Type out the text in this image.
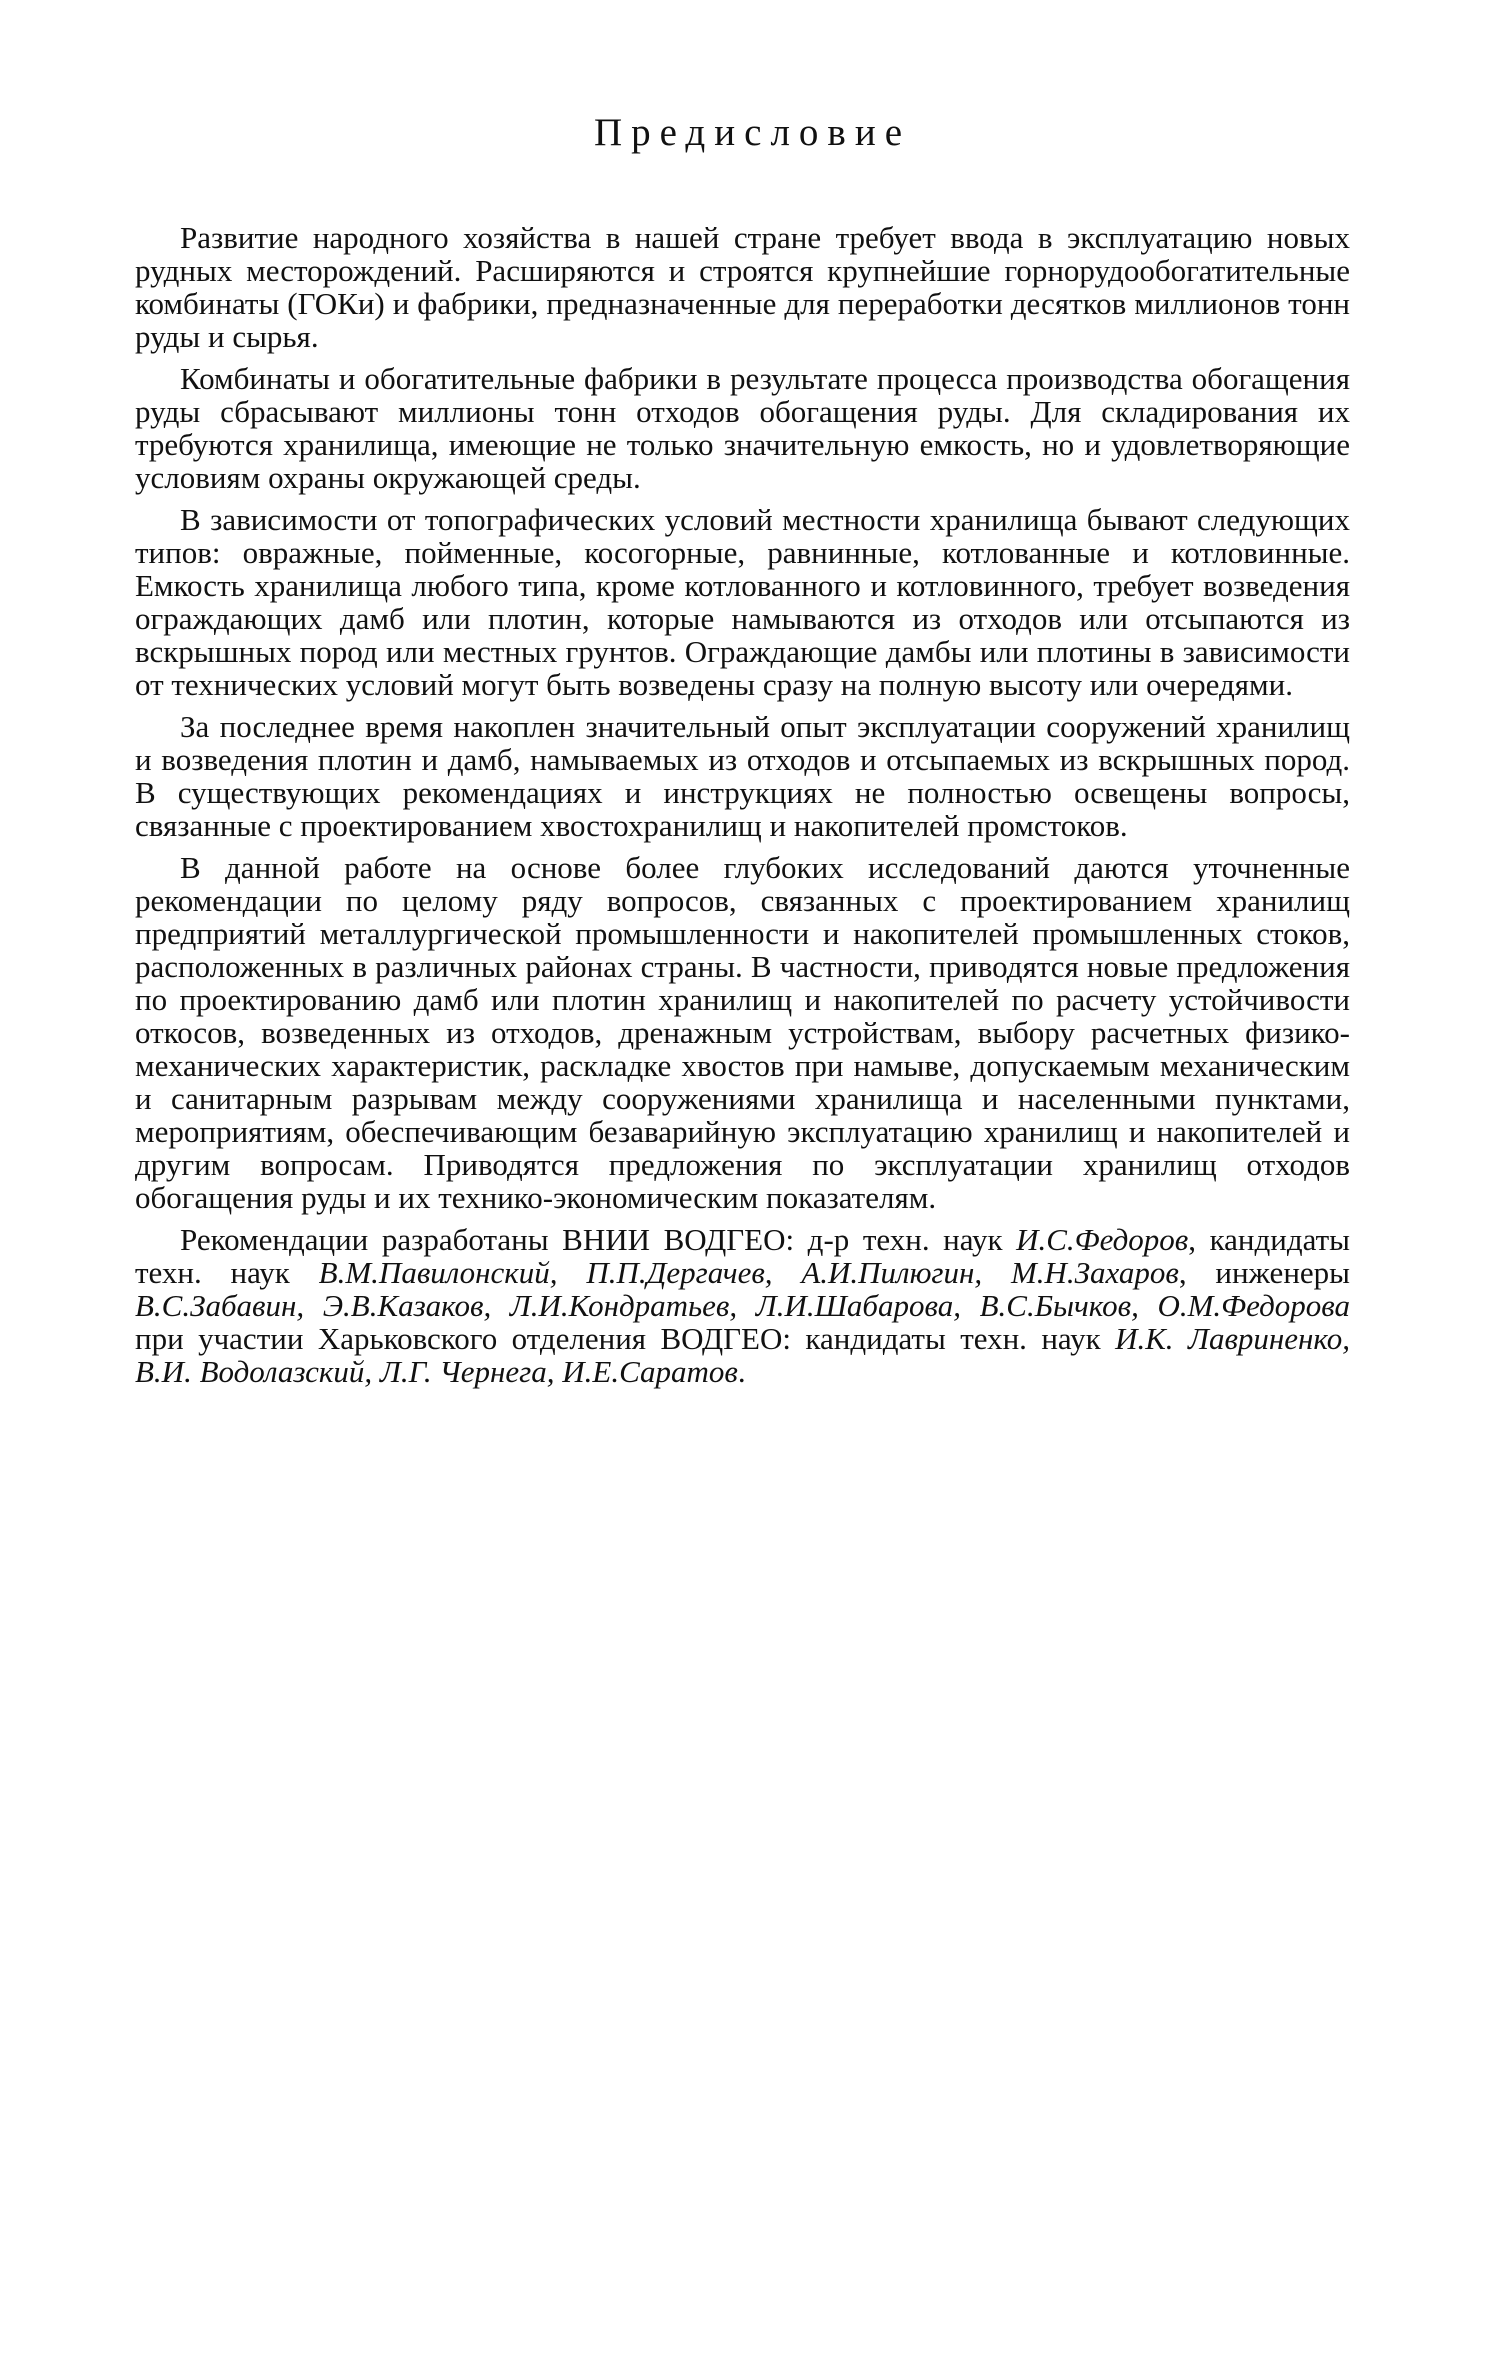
Предисловие

Развитие народного хозяйства в нашей стране требует ввода в эксплуатацию новых рудных месторождений. Расширяются и строятся крупнейшие горнорудообогатительные комбинаты (ГОКи) и фабрики, предназначенные для переработки десятков миллионов тонн руды и сырья.

Комбинаты и обогатительные фабрики в результате процесса производства обогащения руды сбрасывают миллионы тонн отходов обогащения руды. Для складирования их требуются хранилища, имеющие не только значительную емкость, но и удовлетворяющие условиям охраны окружающей среды.

В зависимости от топографических условий местности хранилища бывают следующих типов: овражные, пойменные, косогорные, равнинные, котлованные и котловинные. Емкость хранилища любого типа, кроме котлованного и котловинного, требует возведения ограждающих дамб или плотин, которые намываются из отходов или отсыпаются из вскрышных пород или местных грунтов. Ограждающие дамбы или плотины в зависимости от технических условий могут быть возведены сразу на полную высоту или очередями.

За последнее время накоплен значительный опыт эксплуатации сооружений хранилищ и возведения плотин и дамб, намываемых из отходов и отсыпаемых из вскрышных пород. В существующих рекомендациях и инструкциях не полностью освещены вопросы, связанные с проектированием хвостохранилищ и накопителей промстоков.

В данной работе на основе более глубоких исследований даются уточненные рекомендации по целому ряду вопросов, связанных с проектированием хранилищ предприятий металлургической промышленности и накопителей промышленных стоков, расположенных в различных районах страны. В частности, приводятся новые предложения по проектированию дамб или плотин хранилищ и накопителей по расчету устойчивости откосов, возведенных из отходов, дренажным устройствам, выбору расчетных физико-механических характеристик, раскладке хвостов при намыве, допускаемым механическим и санитарным разрывам между сооружениями хранилища и населенными пунктами, мероприятиям, обеспечивающим безаварийную эксплуатацию хранилищ и накопителей и другим вопросам. Приводятся предложения по эксплуатации хранилищ отходов обогащения руды и их технико-экономическим показателям.

Рекомендации разработаны ВНИИ ВОДГЕО: д-р техн. наук И.С.Федоров, кандидаты техн. наук В.М.Павилонский, П.П.Дергачев, А.И.Пилюгин, М.Н.Захаров, инженеры В.С.Забавин, Э.В.Казаков, Л.И.Кондратьев, Л.И.Шабарова, В.С.Бычков, О.М.Федорова при участии Харьковского отделения ВОДГЕО: кандидаты техн. наук И.К. Лавриненко, В.И. Водолазский, Л.Г. Чернега, И.Е.Саратов.
